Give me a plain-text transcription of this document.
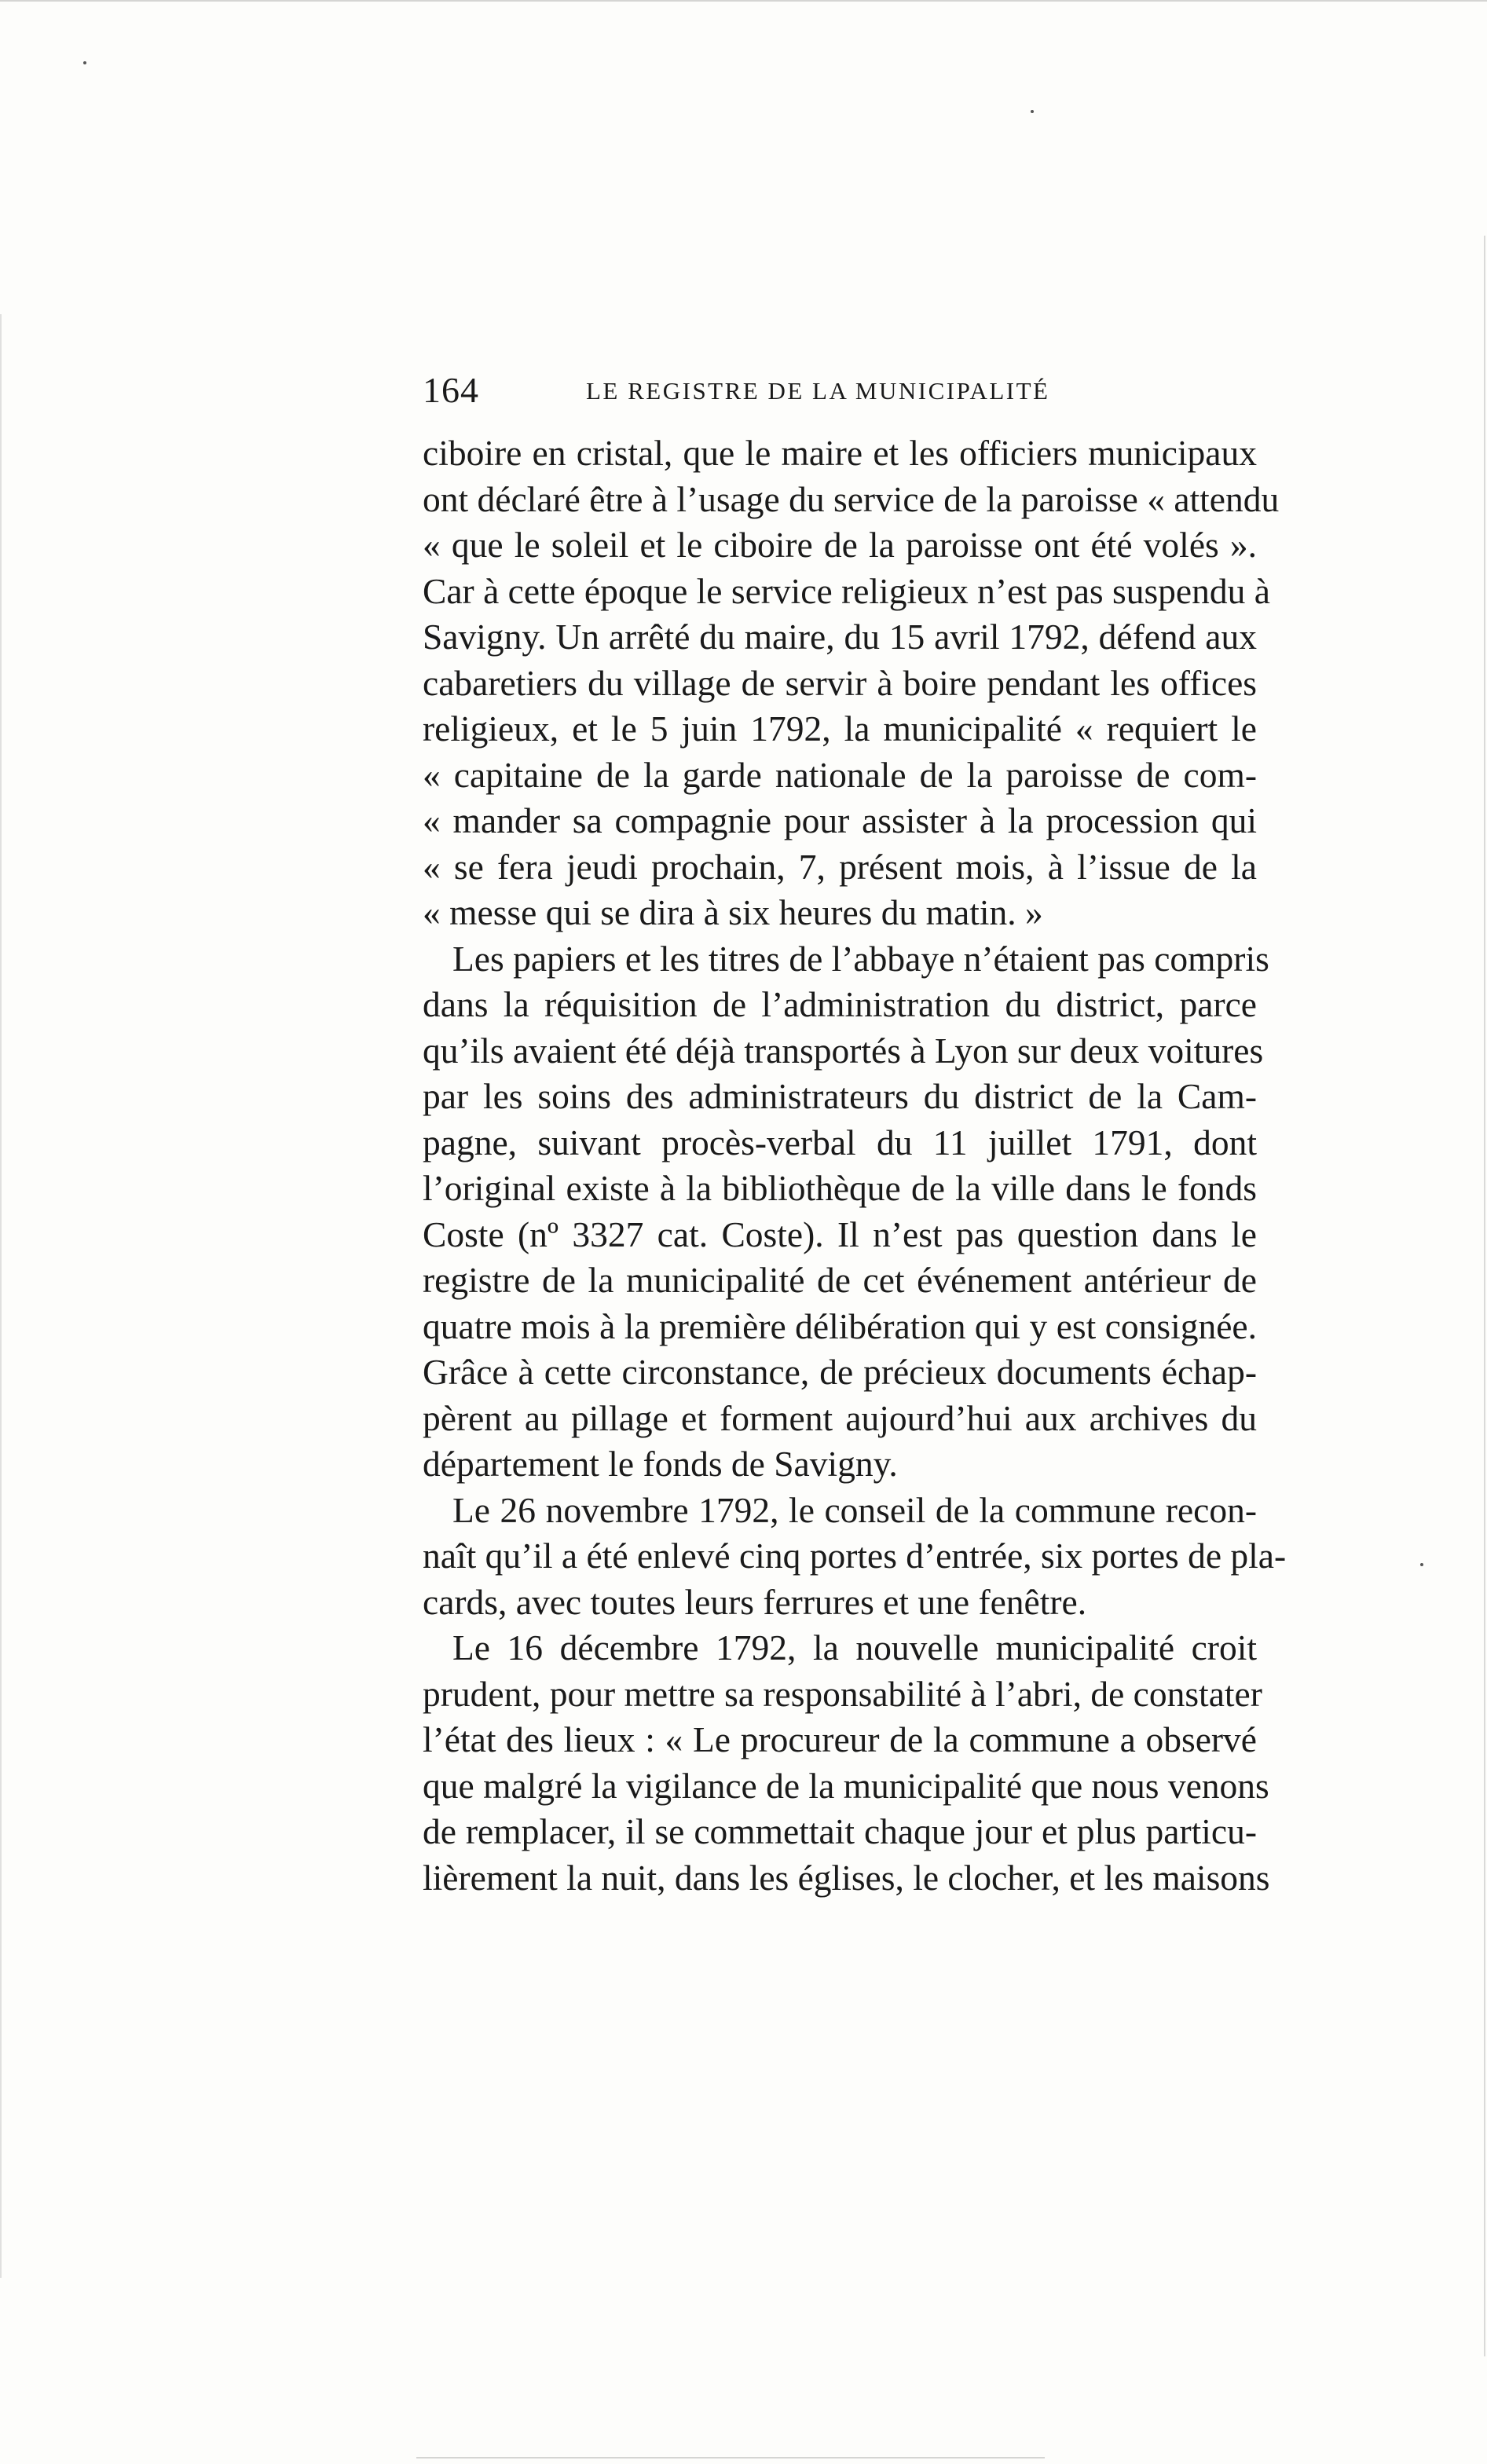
164	LE REGISTRE DE LA MUNICIPALITÉ
ciboire en cristal, que le maire et les officiers municipaux
ont déclaré être à l’usage du service de la paroisse « attendu
« que le soleil et le ciboire de la paroisse ont été volés ».
Car à cette époque le service religieux n’est pas suspendu à
Savigny. Un arrêté du maire, du 15 avril 1792, défend aux
cabaretiers du village de servir à boire pendant les offices
religieux, et le 5 juin 1792, la municipalité « requiert le
« capitaine de la garde nationale de la paroisse de com-
« mander sa compagnie pour assister à la procession qui
« se fera jeudi prochain, 7, présent mois, à l’issue de la
« messe qui se dira à six heures du matin. »
Les papiers et les titres de l’abbaye n’étaient pas compris
dans la réquisition de l’administration du district, parce
qu’ils avaient été déjà transportés à Lyon sur deux voitures
par les soins des administrateurs du district de la Cam-
pagne, suivant procès-verbal du 11 juillet 1791, dont
l’original existe à la bibliothèque de la ville dans le fonds
Coste (nº 3327 cat. Coste). Il n’est pas question dans le
registre de la municipalité de cet événement antérieur de
quatre mois à la première délibération qui y est consignée.
Grâce à cette circonstance, de précieux documents échap-
pèrent au pillage et forment aujourd’hui aux archives du
département le fonds de Savigny.
Le 26 novembre 1792, le conseil de la commune recon-
naît qu’il a été enlevé cinq portes d’entrée, six portes de pla-
cards, avec toutes leurs ferrures et une fenêtre.
Le 16 décembre 1792, la nouvelle municipalité croit
prudent, pour mettre sa responsabilité à l’abri, de constater
l’état des lieux : « Le procureur de la commune a observé
que malgré la vigilance de la municipalité que nous venons
de remplacer, il se commettait chaque jour et plus particu-
lièrement la nuit, dans les églises, le clocher, et les maisons
